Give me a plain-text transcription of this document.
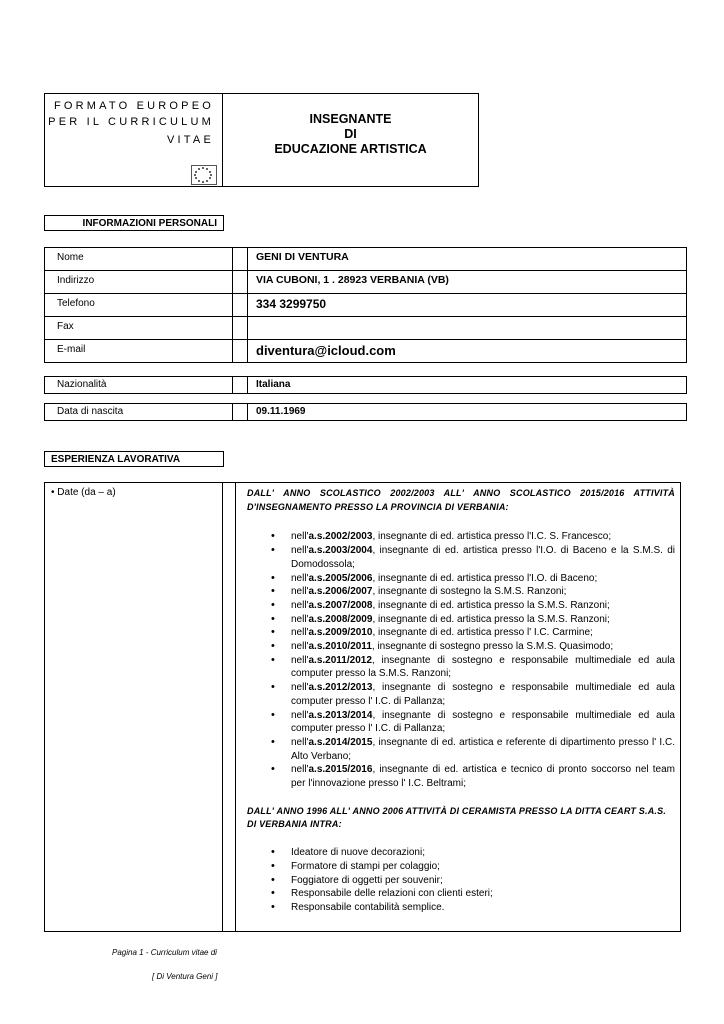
FORMATO EUROPEO
PER IL CURRICULUM
VITAE
INSEGNANTE
DI
EDUCAZIONE ARTISTICA
INFORMAZIONI PERSONALI
Nome	GENI DI VENTURA
Indirizzo	VIA CUBONI, 1 . 28923 VERBANIA (VB)
Telefono	334 3299750
Fax
E-mail	diventura@icloud.com
Nazionalità	Italiana
Data di nascita	09.11.1969
ESPERIENZA LAVORATIVA
• Date (da – a)	DALL' ANNO SCOLASTICO 2002/2003 ALL' ANNO SCOLASTICO 2015/2016 ATTIVITÀ D'INSEGNAMENTO PRESSO LA PROVINCIA DI VERBANIA:
• nell'a.s.2002/2003, insegnante di ed. artistica presso l'I.C. S. Francesco;
• nell'a.s.2003/2004, insegnante di ed. artistica presso l'I.O. di Baceno e la S.M.S. di Domodossola;
• nell'a.s.2005/2006, insegnante di ed. artistica presso l'I.O. di Baceno;
• nell'a.s.2006/2007, insegnante di sostegno la S.M.S. Ranzoni;
• nell'a.s.2007/2008, insegnante di ed. artistica presso la S.M.S. Ranzoni;
• nell'a.s.2008/2009, insegnante di ed. artistica presso la S.M.S. Ranzoni;
• nell'a.s.2009/2010, insegnante di ed. artistica presso l' I.C. Carmine;
• nell'a.s.2010/2011, insegnante di sostegno presso la S.M.S. Quasimodo;
• nell'a.s.2011/2012, insegnante di sostegno e responsabile multimediale ed aula computer presso la S.M.S. Ranzoni;
• nell'a.s.2012/2013, insegnante di sostegno e responsabile multimediale ed aula computer presso l' I.C. di Pallanza;
• nell'a.s.2013/2014, insegnante di sostegno e responsabile multimediale ed aula computer presso l' I.C. di Pallanza;
• nell'a.s.2014/2015, insegnante di ed. artistica e referente di dipartimento presso l' I.C. Alto Verbano;
• nell'a.s.2015/2016, insegnante di ed. artistica e tecnico di pronto soccorso nel team per l'innovazione presso l' I.C. Beltrami;
DALL' ANNO 1996 ALL' ANNO 2006 ATTIVITÀ DI CERAMISTA PRESSO LA DITTA CEART S.A.S. DI VERBANIA INTRA:
• Ideatore di nuove decorazioni;
• Formatore di stampi per colaggio;
• Foggiatore di oggetti per souvenir;
• Responsabile delle relazioni con clienti esteri;
• Responsabile contabilità semplice.
Pagina 1 - Curriculum vitae di
[ Di Ventura Geni ]
